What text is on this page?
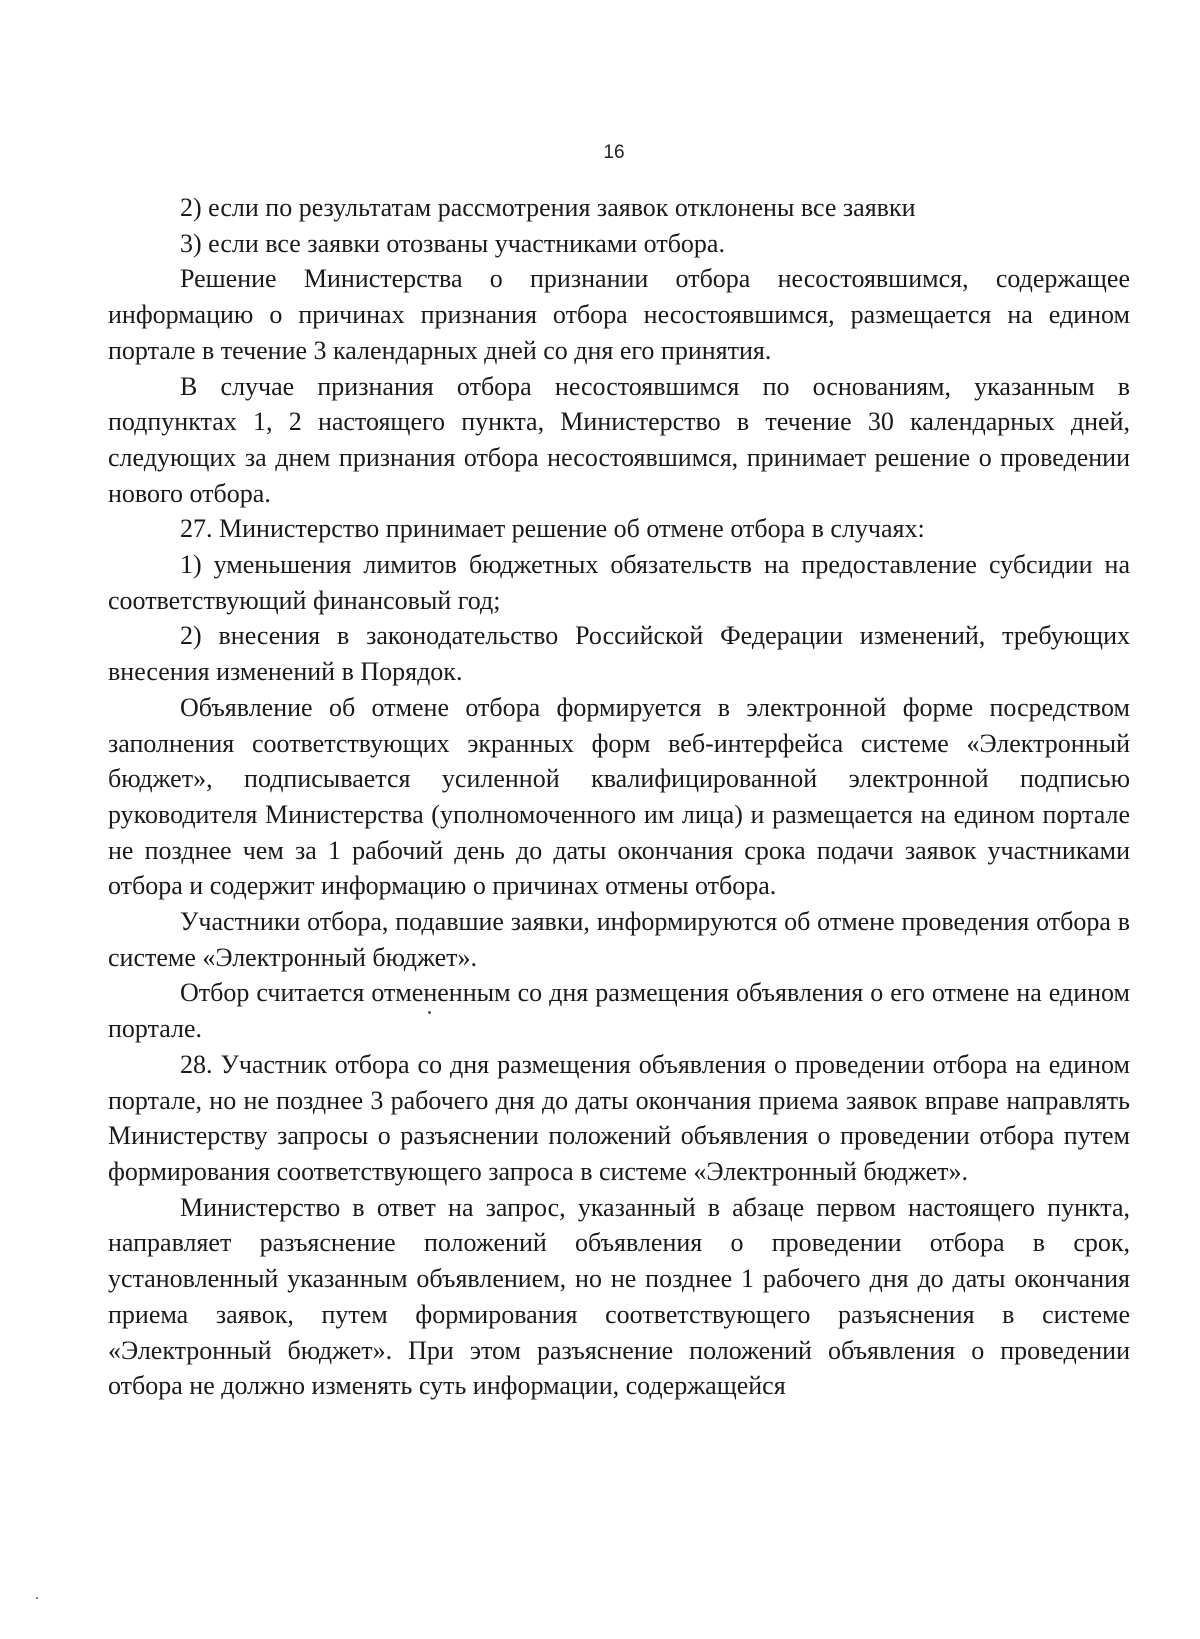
16

2) если по результатам рассмотрения заявок отклонены все заявки

3) если все заявки отозваны участниками отбора.

Решение Министерства о признании отбора несостоявшимся, содержащее информацию о причинах признания отбора несостоявшимся, размещается на едином портале в течение 3 календарных дней со дня его принятия.

В случае признания отбора несостоявшимся по основаниям, указанным в подпунктах 1, 2 настоящего пункта, Министерство в течение 30 календарных дней, следующих за днем признания отбора несостоявшимся, принимает решение о проведении нового отбора.

27. Министерство принимает решение об отмене отбора в случаях:

1) уменьшения лимитов бюджетных обязательств на предоставление субсидии на соответствующий финансовый год;

2) внесения в законодательство Российской Федерации изменений, требующих внесения изменений в Порядок.

Объявление об отмене отбора формируется в электронной форме посредством заполнения соответствующих экранных форм веб-интерфейса системе «Электронный бюджет», подписывается усиленной квалифицированной электронной подписью руководителя Министерства (уполномоченного им лица) и размещается на едином портале не позднее чем за 1 рабочий день до даты окончания срока подачи заявок участниками отбора и содержит информацию о причинах отмены отбора.

Участники отбора, подавшие заявки, информируются об отмене проведения отбора в системе «Электронный бюджет».

Отбор считается отмененным со дня размещения объявления о его отмене на едином портале.

28. Участник отбора со дня размещения объявления о проведении отбора на едином портале, но не позднее 3 рабочего дня до даты окончания приема заявок вправе направлять Министерству запросы о разъяснении положений объявления о проведении отбора путем формирования соответствующего запроса в системе «Электронный бюджет».

Министерство в ответ на запрос, указанный в абзаце первом настоящего пункта, направляет разъяснение положений объявления о проведении отбора в срок, установленный указанным объявлением, но не позднее 1 рабочего дня до даты окончания приема заявок, путем формирования соответствующего разъяснения в системе «Электронный бюджет». При этом разъяснение положений объявления о проведении отбора не должно изменять суть информации, содержащейся
